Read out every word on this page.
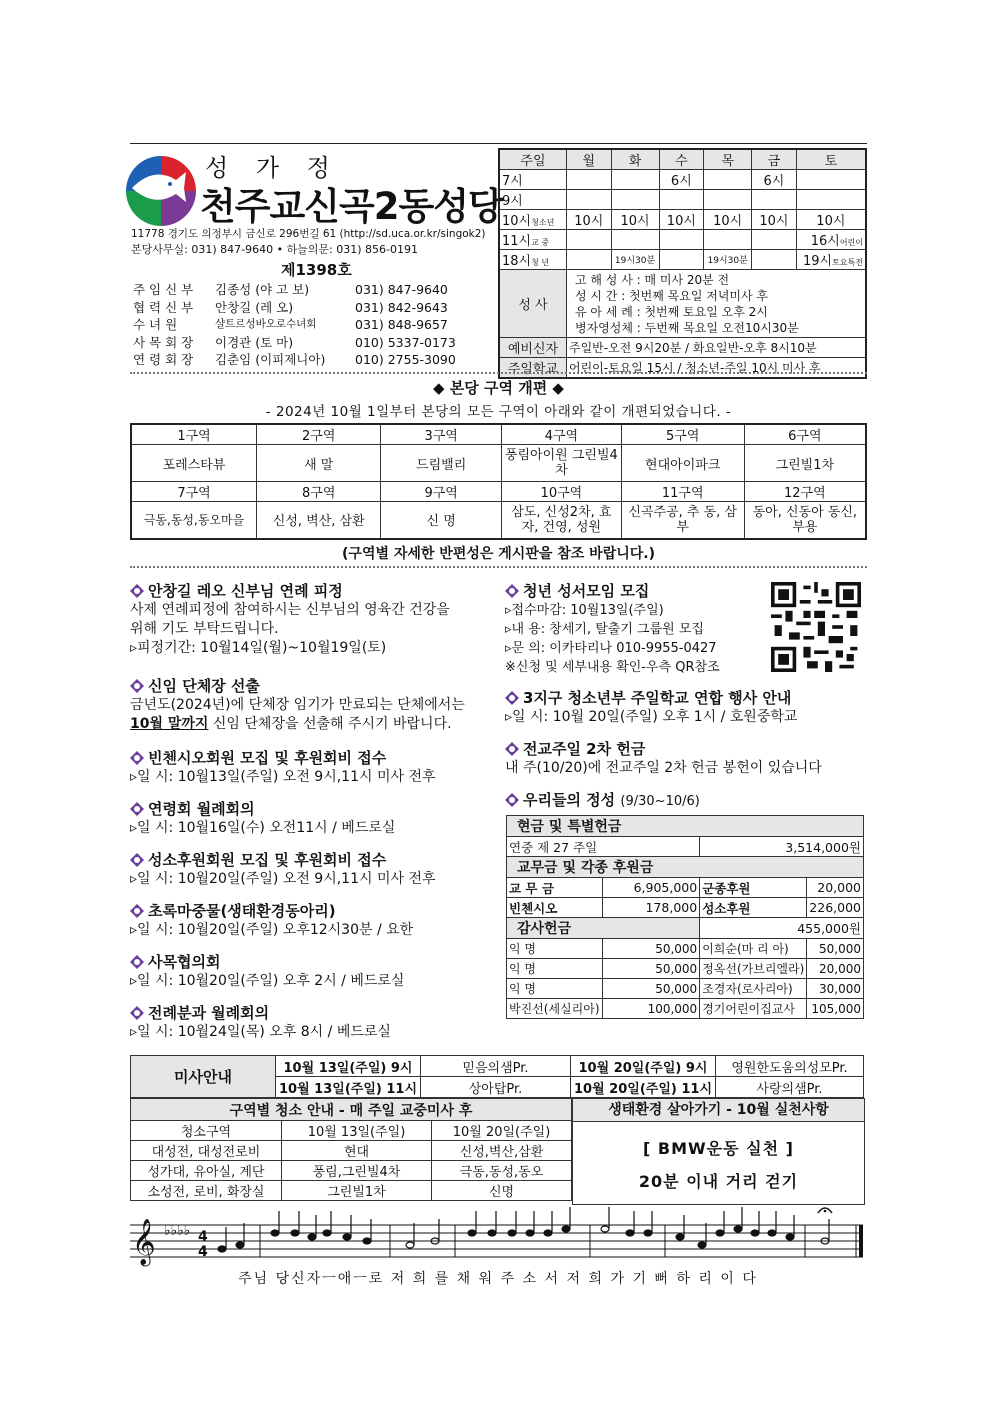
성 가 정
천주교신곡2동성당
11778 경기도 의정부시 금신로 296번길 61 (http://sd.uca.or.kr/singok2)
본당사무실: 031) 847-9640 • 하늘의문: 031) 856-0191
제1398호
주 임 신 부	김종성 (야 고 보)	031) 847-9640
협 력 신 부	안창길 (레 오)	031) 842-9643
수 녀 원	샬트르성바오로수녀회	031) 848-9657
사 목 회 장	이경관 (토 마)	010) 5337-0173
연 령 회 장	김춘임 (이피제니아)	010) 2755-3090
주일	월	화	수	목	금	토
7시			6시		6시	
9시						
10시청소년	10시	10시	10시	10시	10시	10시
11시교 중						16시어린이
18시청 년		19시30분		19시30분		19시토요특전
성 사	고 해 성 사 : 매 미사 20분 전
성 시 간 : 첫번째 목요일 저녁미사 후
유 아 세 례 : 첫번째 토요일 오후 2시
병자영성체 : 두번째 목요일 오전10시30분					

예비신자	주일반-오전 9시20분 / 화요일반-오후 8시10분					
주일학교	어린이-토요일 15시 / 청소년-주일 10시 미사 후					
◆ 본당 구역 개편 ◆
- 2024년 10월 1일부터 본당의 모든 구역이 아래와 같이 개편되었습니다. -
1구역	2구역	3구역	4구역	5구역	6구역
포레스타뷰	새 말	드림밸리	풍림아이원 그린빌4차	현대아이파크	그린빌1차
7구역	8구역	9구역	10구역	11구역	12구역
극동,동성,동오마을	신성, 벽산, 삼환	신 명	삼도, 신성2차, 효자, 건영, 성원	신곡주공, 추 동, 삼 부	동아, 신동아 동신, 부용
(구역별 자세한 반편성은 게시판을 참조 바랍니다.)
안창길 레오 신부님 연례 피정
사제 연례피정에 참여하시는 신부님의 영육간 건강을
위해 기도 부탁드립니다.
▹피정기간: 10월14일(월)~10월19일(토)
신임 단체장 선출
금년도(2024년)에 단체장 임기가 만료되는 단체에서는
10월 말까지 신임 단체장을 선출해 주시기 바랍니다.
빈첸시오회원 모집 및 후원회비 접수
▹일 시: 10월13일(주일) 오전 9시,11시 미사 전후
연령회 월례회의
▹일 시: 10월16일(수) 오전11시 / 베드로실
성소후원회원 모집 및 후원회비 접수
▹일 시: 10월20일(주일) 오전 9시,11시 미사 전후
초록마중물(생태환경동아리)
▹일 시: 10월20일(주일) 오후12시30분 / 요한
사목협의회
▹일 시: 10월20일(주일) 오후 2시 / 베드로실
전례분과 월례회의
▹일 시: 10월24일(목) 오후 8시 / 베드로실
청년 성서모임 모집
▹접수마감: 10월13일(주일)
▹내 용: 창세기, 탈출기 그룹원 모집
▹문 의: 이카타리나 010-9955-0427
※신청 및 세부내용 확인-우측 QR참조
3지구 청소년부 주일학교 연합 행사 안내
▹일 시: 10월 20일(주일) 오후 1시 / 호원중학교
전교주일 2차 헌금
내 주(10/20)에 전교주일 2차 헌금 봉헌이 있습니다
우리들의 정성 (9/30~10/6)
현금 및 특별헌금			
연중 제 27 주일		3,514,000원	
교무금 및 각종 후원금			
교 무 금	6,905,000	군종후원	20,000
빈첸시오	178,000	성소후원	226,000
감사헌금		455,000원	
익 명	50,000	이희순(마 리 아)	50,000
익 명	50,000	정옥선(가브리엘라)	20,000
익 명	50,000	조경자(로사리아)	30,000
박진선(세실리아)	100,000	경기어린이집교사	105,000
미사안내	10월 13일(주일) 9시	믿음의샘Pr.	10월 20일(주일) 9시	영원한도움의성모Pr.
	10월 13일(주일) 11시	상아탑Pr.	10월 20일(주일) 11시	사랑의샘Pr.
구역별 청소 안내 - 매 주일 교중미사 후		
청소구역	10월 13일(주일)	10월 20일(주일)
대성전, 대성전로비	현대	신성,벽산,삼환
성가대, 유아실, 계단	풍림,그린빌4차	극동,동성,동오
소성전, 로비, 화장실	그린빌1차	신명
생태환경 살아가기 - 10월 실천사항
[ BMW운동 실천 ]
20분 이내 거리 걷기
𝄞 ♭♭♭♭ 4
4
주님 당신자ㅡ애ㅡ로 저 희 를 채 워 주 소 서 저 희 가 기 뻐 하 리 이 다
